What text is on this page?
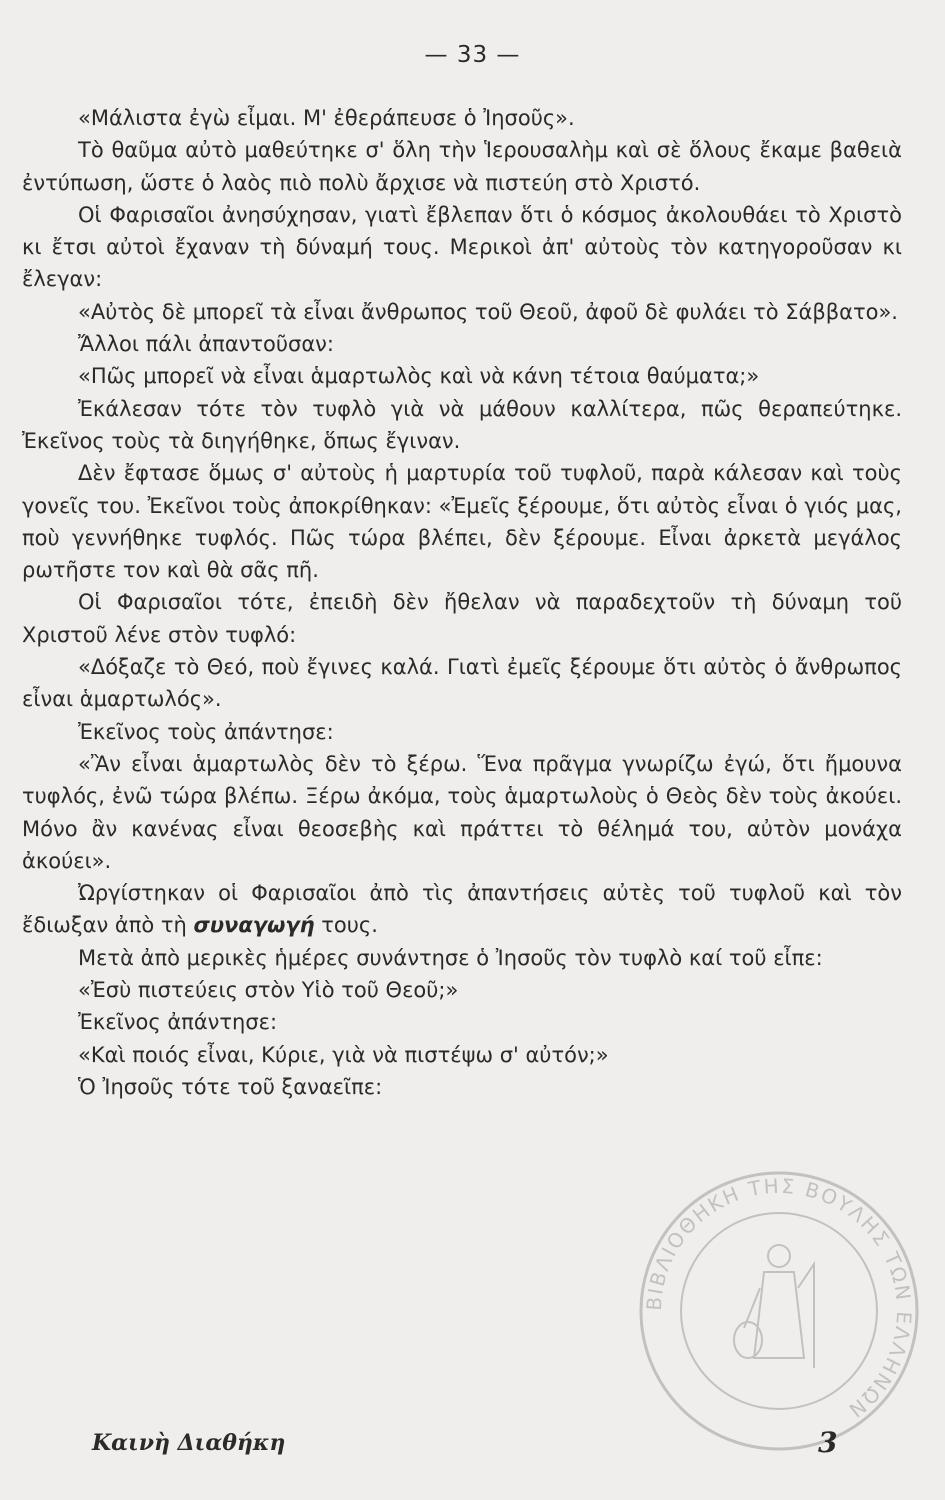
— 33 —

«Μάλιστα ἐγὼ εἶμαι. Μ' ἐθεράπευσε ὁ Ἰησοῦς».

Τὸ θαῦμα αὐτὸ μαθεύτηκε σ' ὅλη τὴν Ἱερουσαλὴμ καὶ σὲ ὅλους ἔκαμε βαθειὰ ἐντύπωση, ὥστε ὁ λαὸς πιὸ πολὺ ἄρχισε νὰ πιστεύη στὸ Χριστό.

Οἱ Φαρισαῖοι ἀνησύχησαν, γιατὶ ἔβλεπαν ὅτι ὁ κόσμος ἀκολουθάει τὸ Χριστὸ κι ἔτσι αὐτοὶ ἔχαναν τὴ δύναμή τους. Μερικοὶ ἀπ' αὐτοὺς τὸν κατηγοροῦσαν κι ἔλεγαν:

«Αὐτὸς δὲ μπορεῖ τὰ εἶναι ἄνθρωπος τοῦ Θεοῦ, ἀφοῦ δὲ φυλάει τὸ Σάββατο».

Ἄλλοι πάλι ἀπαντοῦσαν:

«Πῶς μπορεῖ νὰ εἶναι ἁμαρτωλὸς καὶ νὰ κάνη τέτοια θαύματα;»

Ἐκάλεσαν τότε τὸν τυφλὸ γιὰ νὰ μάθουν καλλίτερα, πῶς θεραπεύτηκε. Ἐκεῖνος τοὺς τὰ διηγήθηκε, ὅπως ἔγιναν.

Δὲν ἔφτασε ὅμως σ' αὐτοὺς ἡ μαρτυρία τοῦ τυφλοῦ, παρὰ κάλεσαν καὶ τοὺς γονεῖς του. Ἐκεῖνοι τοὺς ἀποκρίθηκαν: «Ἐμεῖς ξέρουμε, ὅτι αὐτὸς εἶναι ὁ γιός μας, ποὺ γεννήθηκε τυφλός. Πῶς τώρα βλέπει, δὲν ξέρουμε. Εἶναι ἀρκετὰ μεγάλος ρωτῆστε τον καὶ θὰ σᾶς πῆ.

Οἱ Φαρισαῖοι τότε, ἐπειδὴ δὲν ἤθελαν νὰ παραδεχτοῦν τὴ δύναμη τοῦ Χριστοῦ λένε στὸν τυφλό:

«Δόξαζε τὸ Θεό, ποὺ ἔγινες καλά. Γιατὶ ἐμεῖς ξέρουμε ὅτι αὐτὸς ὁ ἄνθρωπος εἶναι ἁμαρτωλός».

Ἐκεῖνος τοὺς ἀπάντησε:

«Ἂν εἶναι ἁμαρτωλὸς δὲν τὸ ξέρω. Ἕνα πρᾶγμα γνωρίζω ἐγώ, ὅτι ἤμουνα τυφλός, ἐνῶ τώρα βλέπω. Ξέρω ἀκόμα, τοὺς ἁμαρτωλοὺς ὁ Θεὸς δὲν τοὺς ἀκούει. Μόνο ἂν κανένας εἶναι θεοσεβὴς καὶ πράττει τὸ θέλημά του, αὐτὸν μονάχα ἀκούει».

Ὠργίστηκαν οἱ Φαρισαῖοι ἀπὸ τὶς ἀπαντήσεις αὐτὲς τοῦ τυφλοῦ καὶ τὸν ἔδιωξαν ἀπὸ τὴ συναγωγή τους.

Μετὰ ἀπὸ μερικὲς ἡμέρες συνάντησε ὁ Ἰησοῦς τὸν τυφλὸ καί τοῦ εἶπε:

«Ἐσὺ πιστεύεις στὸν Υἱὸ τοῦ Θεοῦ;»

Ἐκεῖνος ἀπάντησε:

«Καὶ ποιός εἶναι, Κύριε, γιὰ νὰ πιστέψω σ' αὐτόν;»

Ὁ Ἰησοῦς τότε τοῦ ξαναεῖπε:

ΒΙΒΛΙΟΘΗΚΗ ΤΗΣ ΒΟΥΛΗΣ ΤΩΝ ΕΛΛΗΝΩΝ
Καινὴ Διαθήκη	3
